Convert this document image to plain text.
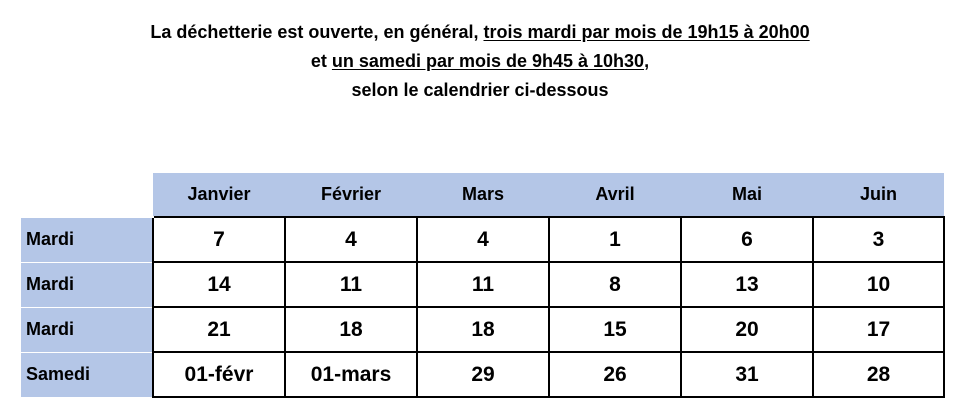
La déchetterie est ouverte, en général, trois mardi par mois de 19h15 à 20h00
et un samedi par mois de 9h45 à 10h30,
selon le calendrier ci-dessous
	Janvier	Février	Mars	Avril	Mai	Juin
Mardi	7	4	4	1	6	3
Mardi	14	11	11	8	13	10
Mardi	21	18	18	15	20	17
Samedi	01-févr	01-mars	29	26	31	28
